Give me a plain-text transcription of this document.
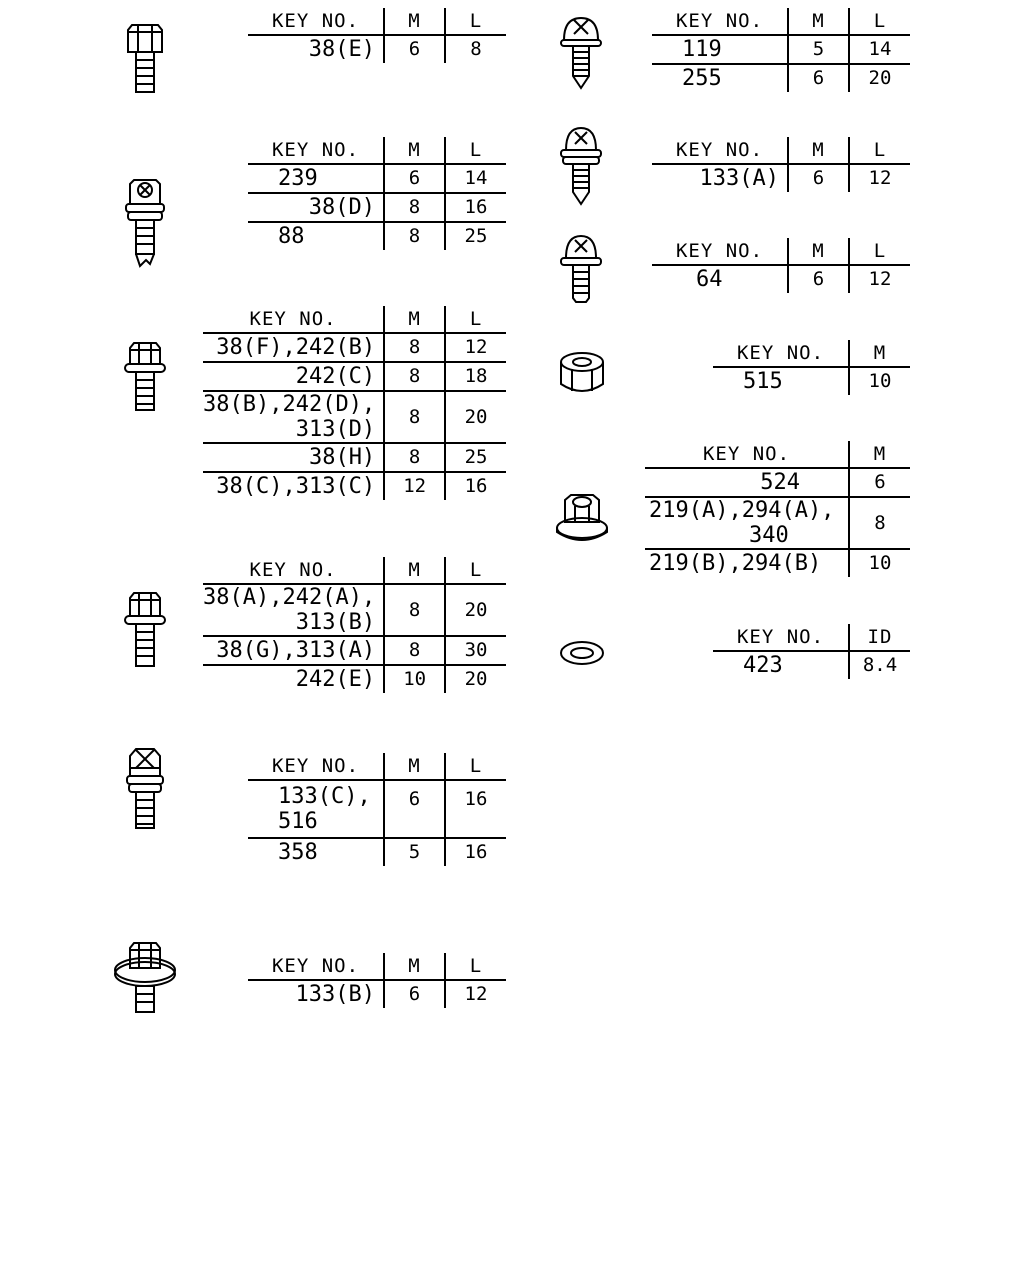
KEY NO.	M	L
38(E)	6	8
KEY NO.	M	L
239	6	14
38(D)	8	16
88	8	25
KEY NO.	M	L
38(F),242(B)	8	12
242(C)	8	18
38(B),242(D),
313(D)	8	20
38(H)	8	25
38(C),313(C)	12	16
KEY NO.	M	L
38(A),242(A),
313(B)	8	20
38(G),313(A)	8	30
242(E)	10	20
KEY NO.	M	L
133(C),
516	6	16
358	5	16
KEY NO.	M	L
133(B)	6	12
KEY NO.	M	L
119	5	14
255	6	20
KEY NO.	M	L
133(A)	6	12
KEY NO.	M	L
64	6	12
KEY NO.	M
515	10
KEY NO.	M
524	6
219(A),294(A),
340	8
219(B),294(B)	10
KEY NO.	ID
423	8.4
